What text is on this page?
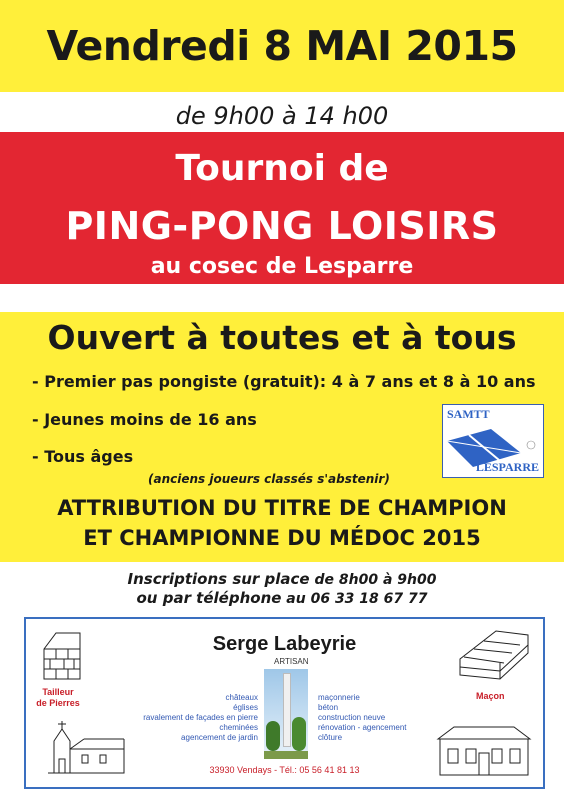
Vendredi 8 MAI 2015
de 9h00 à 14 h00
Tournoi de
PING-PONG LOISIRS
au cosec de Lesparre
Ouvert à toutes et à tous
- Premier pas pongiste (gratuit): 4 à 7 ans et 8 à 10 ans
- Jeunes moins de 16 ans
- Tous âges
(anciens joueurs classés s'abstenir)
SAMTT
LESPARRE
ATTRIBUTION DU TITRE DE CHAMPION
ET CHAMPIONNE DU MÉDOC 2015
Inscriptions sur place de 8h00 à 9h00
ou par téléphone au 06 33 18 67 77
Serge Labeyrie
ARTISAN
Tailleur
de Pierres
châteaux
églises
ravalement de façades en pierre
cheminées
agencement de jardin
maçonnerie
béton
construction neuve
rénovation - agencement
clôture
Maçon
33930 Vendays - Tél.: 05 56 41 81 13
